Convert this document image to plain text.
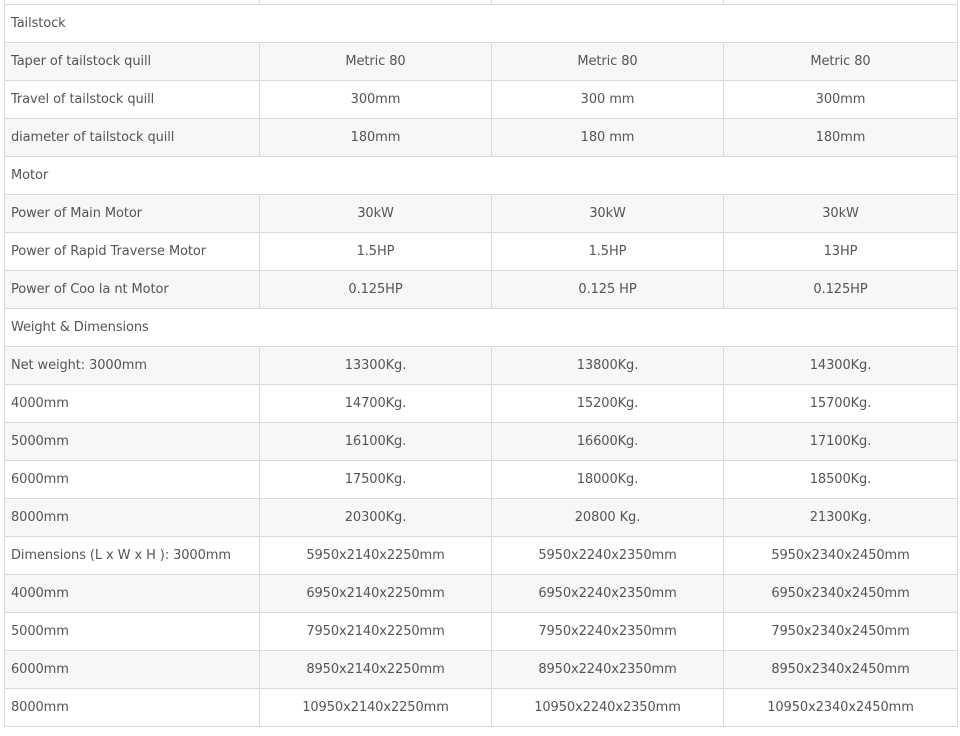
Tailstock			
Taper of tailstock quill	Metric 80	Metric 80	Metric 80
Travel of tailstock quill	300mm	300 mm	300mm
diameter of tailstock quill	180mm	180 mm	180mm
Motor			
Power of Main Motor	30kW	30kW	30kW
Power of Rapid Traverse Motor	1.5HP	1.5HP	13HP
Power of Coo la nt Motor	0.125HP	0.125 HP	0.125HP
Weight & Dimensions			
Net weight: 3000mm	13300Kg.	13800Kg.	14300Kg.
4000mm	14700Kg.	15200Kg.	15700Kg.
5000mm	16100Kg.	16600Kg.	17100Kg.
6000mm	17500Kg.	18000Kg.	18500Kg.
8000mm	20300Kg.	20800 Kg.	21300Kg.
Dimensions (L x W x H ): 3000mm	5950x2140x2250mm	5950x2240x2350mm	5950x2340x2450mm
4000mm	6950x2140x2250mm	6950x2240x2350mm	6950x2340x2450mm
5000mm	7950x2140x2250mm	7950x2240x2350mm	7950x2340x2450mm
6000mm	8950x2140x2250mm	8950x2240x2350mm	8950x2340x2450mm
8000mm	10950x2140x2250mm	10950x2240x2350mm	10950x2340x2450mm
